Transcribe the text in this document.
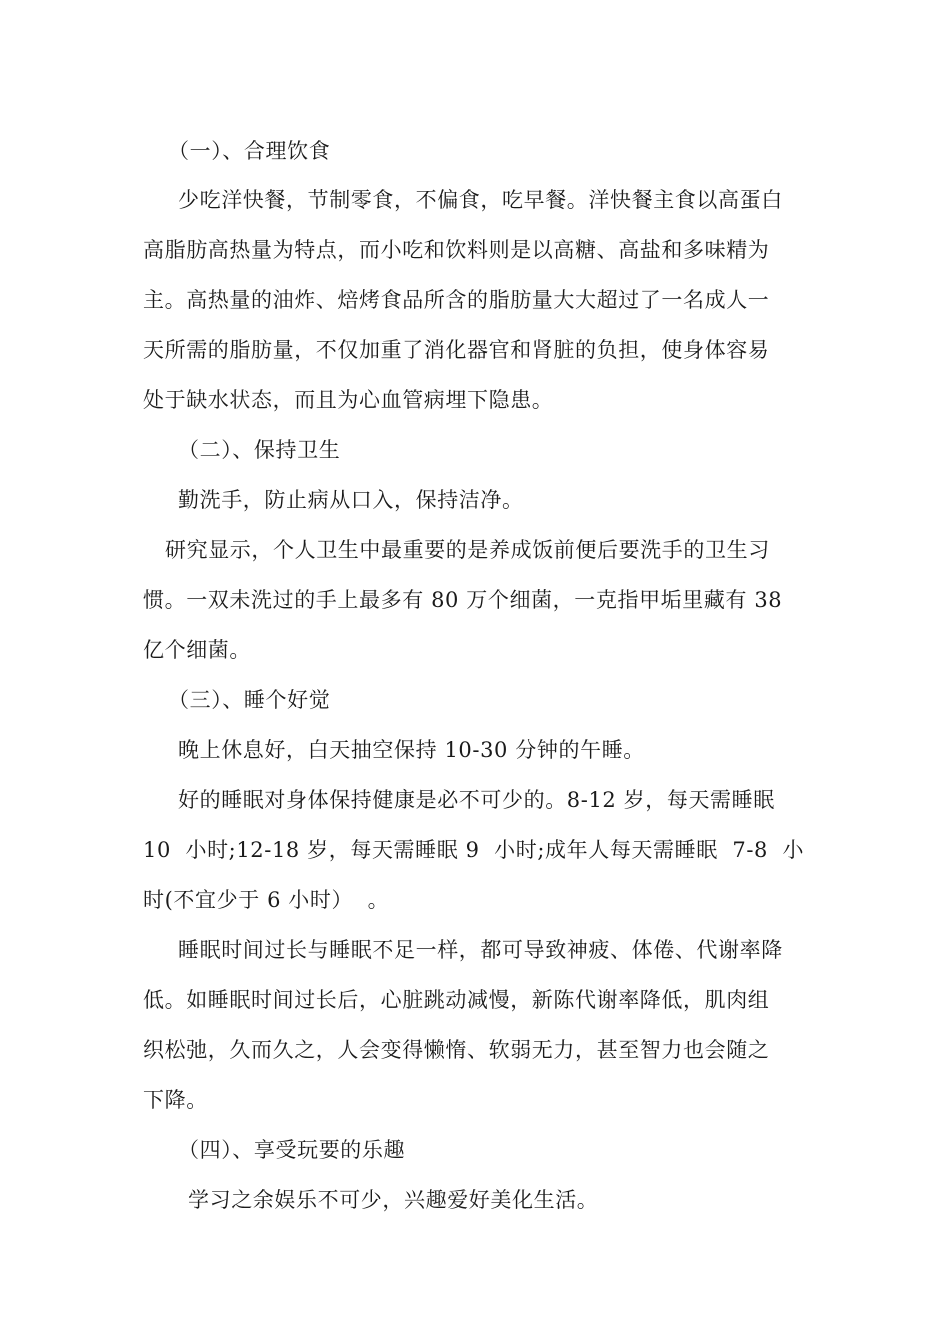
（一）、合理饮食
少吃洋快餐，节制零食，不偏食，吃早餐。洋快餐主食以高蛋白
高脂肪高热量为特点，而小吃和饮料则是以高糖、高盐和多味精为
主。高热量的油炸、焙烤食品所含的脂肪量大大超过了一名成人一
天所需的脂肪量，不仅加重了消化器官和肾脏的负担，使身体容易
处于缺水状态，而且为心血管病埋下隐患。
（二）、保持卫生
勤洗手，防止病从口入，保持洁净。
研究显示，个人卫生中最重要的是养成饭前便后要洗手的卫生习
惯。一双未洗过的手上最多有 80 万个细菌，一克指甲垢里藏有 38
亿个细菌。
（三）、睡个好觉
晚上休息好，白天抽空保持 10-30 分钟的午睡。
好的睡眠对身体保持健康是必不可少的。8-12 岁，每天需睡眠
10  小时;12-18 岁，每天需睡眠 9  小时;成年人每天需睡眠  7-8  小
时(不宜少于 6 小时）  。
睡眠时间过长与睡眠不足一样，都可导致神疲、体倦、代谢率降
低。如睡眠时间过长后，心脏跳动减慢，新陈代谢率降低，肌肉组
织松弛，久而久之，人会变得懒惰、软弱无力，甚至智力也会随之
下降。
（四）、享受玩要的乐趣
学习之余娱乐不可少，兴趣爱好美化生活。
